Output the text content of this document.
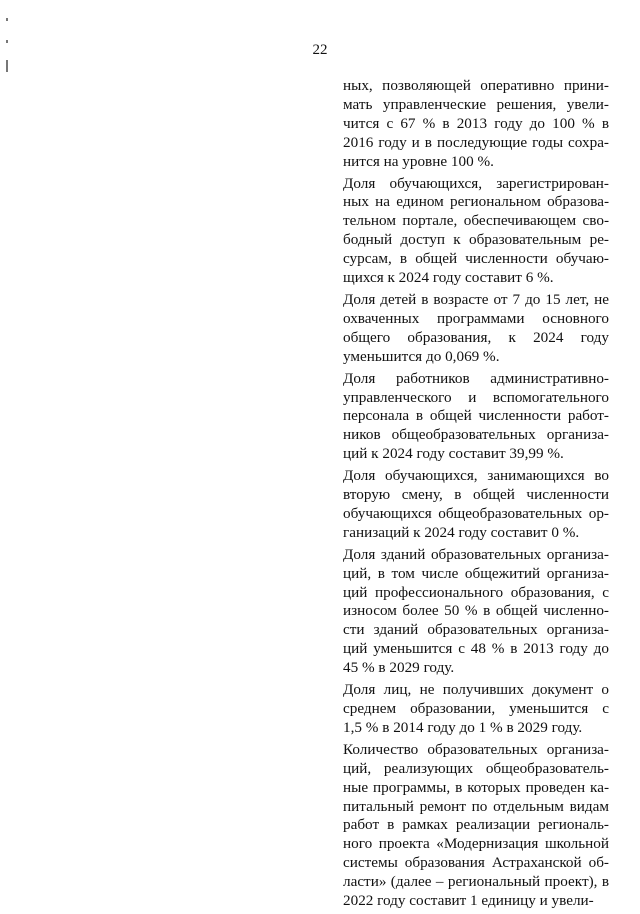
22
ных, позволяющей оперативно прини-
мать управленческие решения, увели-
чится с 67 % в 2013 году до 100 % в
2016 году и в последующие годы сохра-
нится на уровне 100 %.
Доля обучающихся, зарегистрирован-
ных на едином региональном образова-
тельном портале, обеспечивающем сво-
бодный доступ к образовательным ре-
сурсам, в общей численности обучаю-
щихся к 2024 году составит 6 %.
Доля детей в возрасте от 7 до 15 лет, не
охваченных программами основного
общего образования, к 2024 году
уменьшится до 0,069 %.
Доля работников административно-
управленческого и вспомогательного
персонала в общей численности работ-
ников общеобразовательных организа-
ций к 2024 году составит 39,99 %.
Доля обучающихся, занимающихся во
вторую смену, в общей численности
обучающихся общеобразовательных ор-
ганизаций к 2024 году составит 0 %.
Доля зданий образовательных организа-
ций, в том числе общежитий организа-
ций профессионального образования, с
износом более 50 % в общей численно-
сти зданий образовательных организа-
ций уменьшится с 48 % в 2013 году до
45 % в 2029 году.
Доля лиц, не получивших документ о
среднем образовании, уменьшится с
1,5 % в 2014 году до 1 % в 2029 году.
Количество образовательных организа-
ций, реализующих общеобразователь-
ные программы, в которых проведен ка-
питальный ремонт по отдельным видам
работ в рамках реализации региональ-
ного проекта «Модернизация школьной
системы образования Астраханской об-
ласти» (далее – региональный проект), в
2022 году составит 1 единицу и увели-
